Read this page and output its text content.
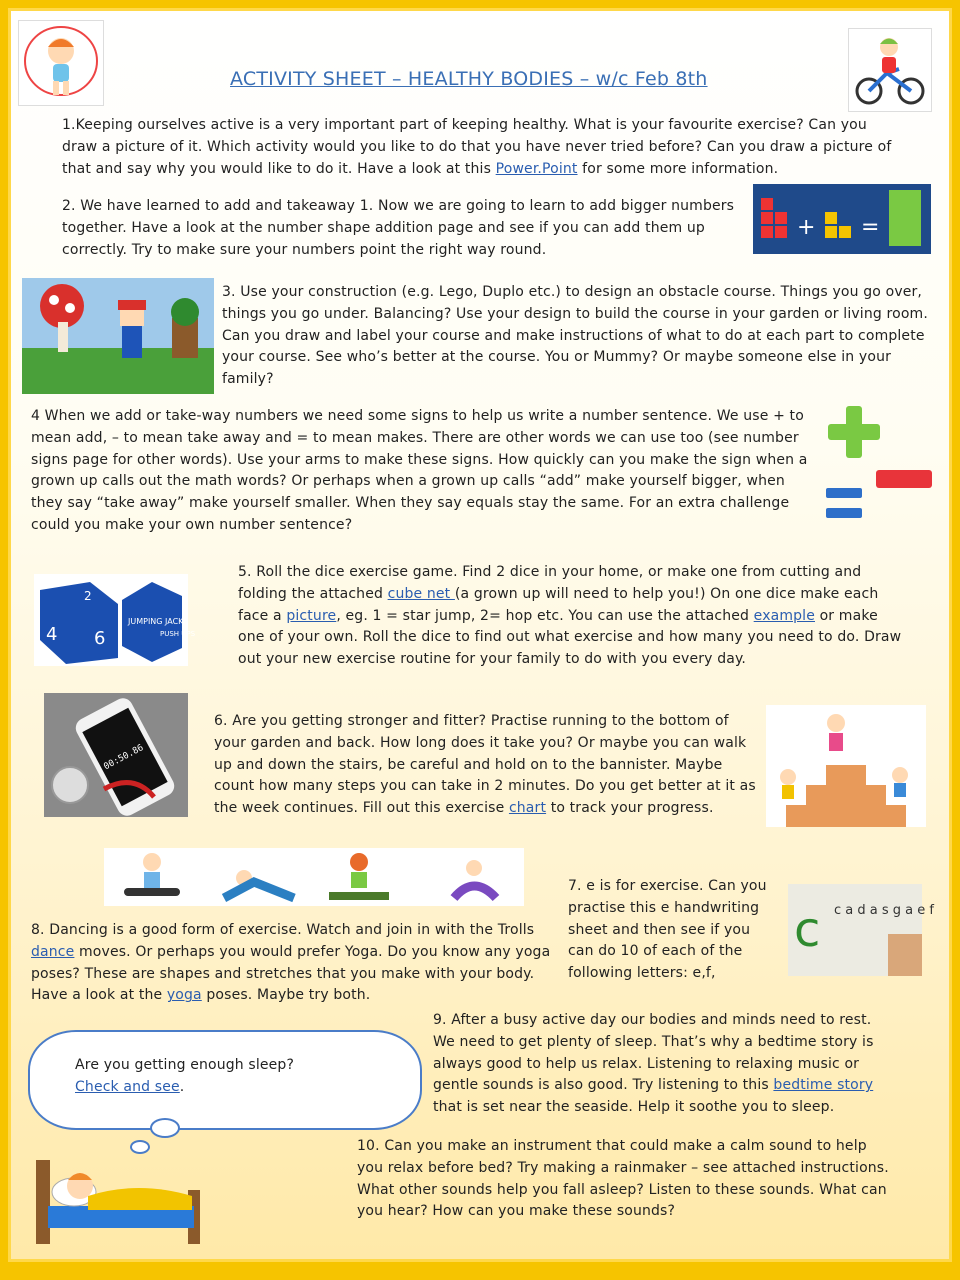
ACTIVITY SHEET – HEALTHY BODIES – w/c Feb 8th
1.Keeping ourselves active is a very important part of keeping healthy. What is your favourite exercise? Can you draw a picture of it. Which activity would you like to do that you have never tried before? Can you draw a picture of that and say why you would like to do it. Have a look at this Power.Point for some more information.
2. We have learned to add and takeaway 1. Now we are going to learn to add bigger numbers together. Have a look at the number shape addition page and see if you can add them up correctly. Try to make sure your numbers point the right way round.
+ =
3. Use your construction (e.g. Lego, Duplo etc.) to design an obstacle course. Things you go over, things you go under. Balancing? Use your design to build the course in your garden or living room. Can you draw and label your course and make instructions of what to do at each part to complete your course. See who’s better at the course. You or Mummy? Or maybe someone else in your family?
4 When we add or take-way numbers we need some signs to help us write a number sentence. We use + to mean add, – to mean take away and = to mean makes. There are other words we can use too (see number signs page for other words). Use your arms to make these signs. How quickly can you make the sign when a grown up calls out the math words? Or perhaps when a grown up calls “add” make yourself bigger, when they say “take away” make yourself smaller. When they say equals stay the same. For an extra challenge could you make your own number sentence?
4 6
JUMPING JACKS
PUSH UPS
2
5. Roll the dice exercise game. Find 2 dice in your home, or make one from cutting and folding the attached cube net (a grown up will need to help you!) On one dice make each face a picture, eg. 1 = star jump, 2= hop etc. You can use the attached example or make one of your own. Roll the dice to find out what exercise and how many you need to do. Draw out your new exercise routine for your family to do with you every day.
00:50.86
6. Are you getting stronger and fitter? Practise running to the bottom of your garden and back. How long does it take you? Or maybe you can walk up and down the stairs, be careful and hold on to the bannister. Maybe count how many steps you can take in 2 minutes. Do you get better at it as the week continues. Fill out this exercise chart to track your progress.
7. e is for exercise. Can you practise this e handwriting sheet and then see if you can do 10 of each of the following letters: e,f,
c c a d a s g a e f
8. Dancing is a good form of exercise. Watch and join in with the Trolls dance moves. Or perhaps you would prefer Yoga. Do you know any yoga poses? These are shapes and stretches that you make with your body. Have a look at the yoga poses. Maybe try both.
Are you getting enough sleep?
Check and see.
9. After a busy active day our bodies and minds need to rest. We need to get plenty of sleep. That’s why a bedtime story is always good to help us relax. Listening to relaxing music or gentle sounds is also good. Try listening to this bedtime story that is set near the seaside. Help it soothe you to sleep.
10. Can you make an instrument that could make a calm sound to help you relax before bed? Try making a rainmaker – see attached instructions. What other sounds help you fall asleep? Listen to these sounds. What can you hear? How can you make these sounds?
